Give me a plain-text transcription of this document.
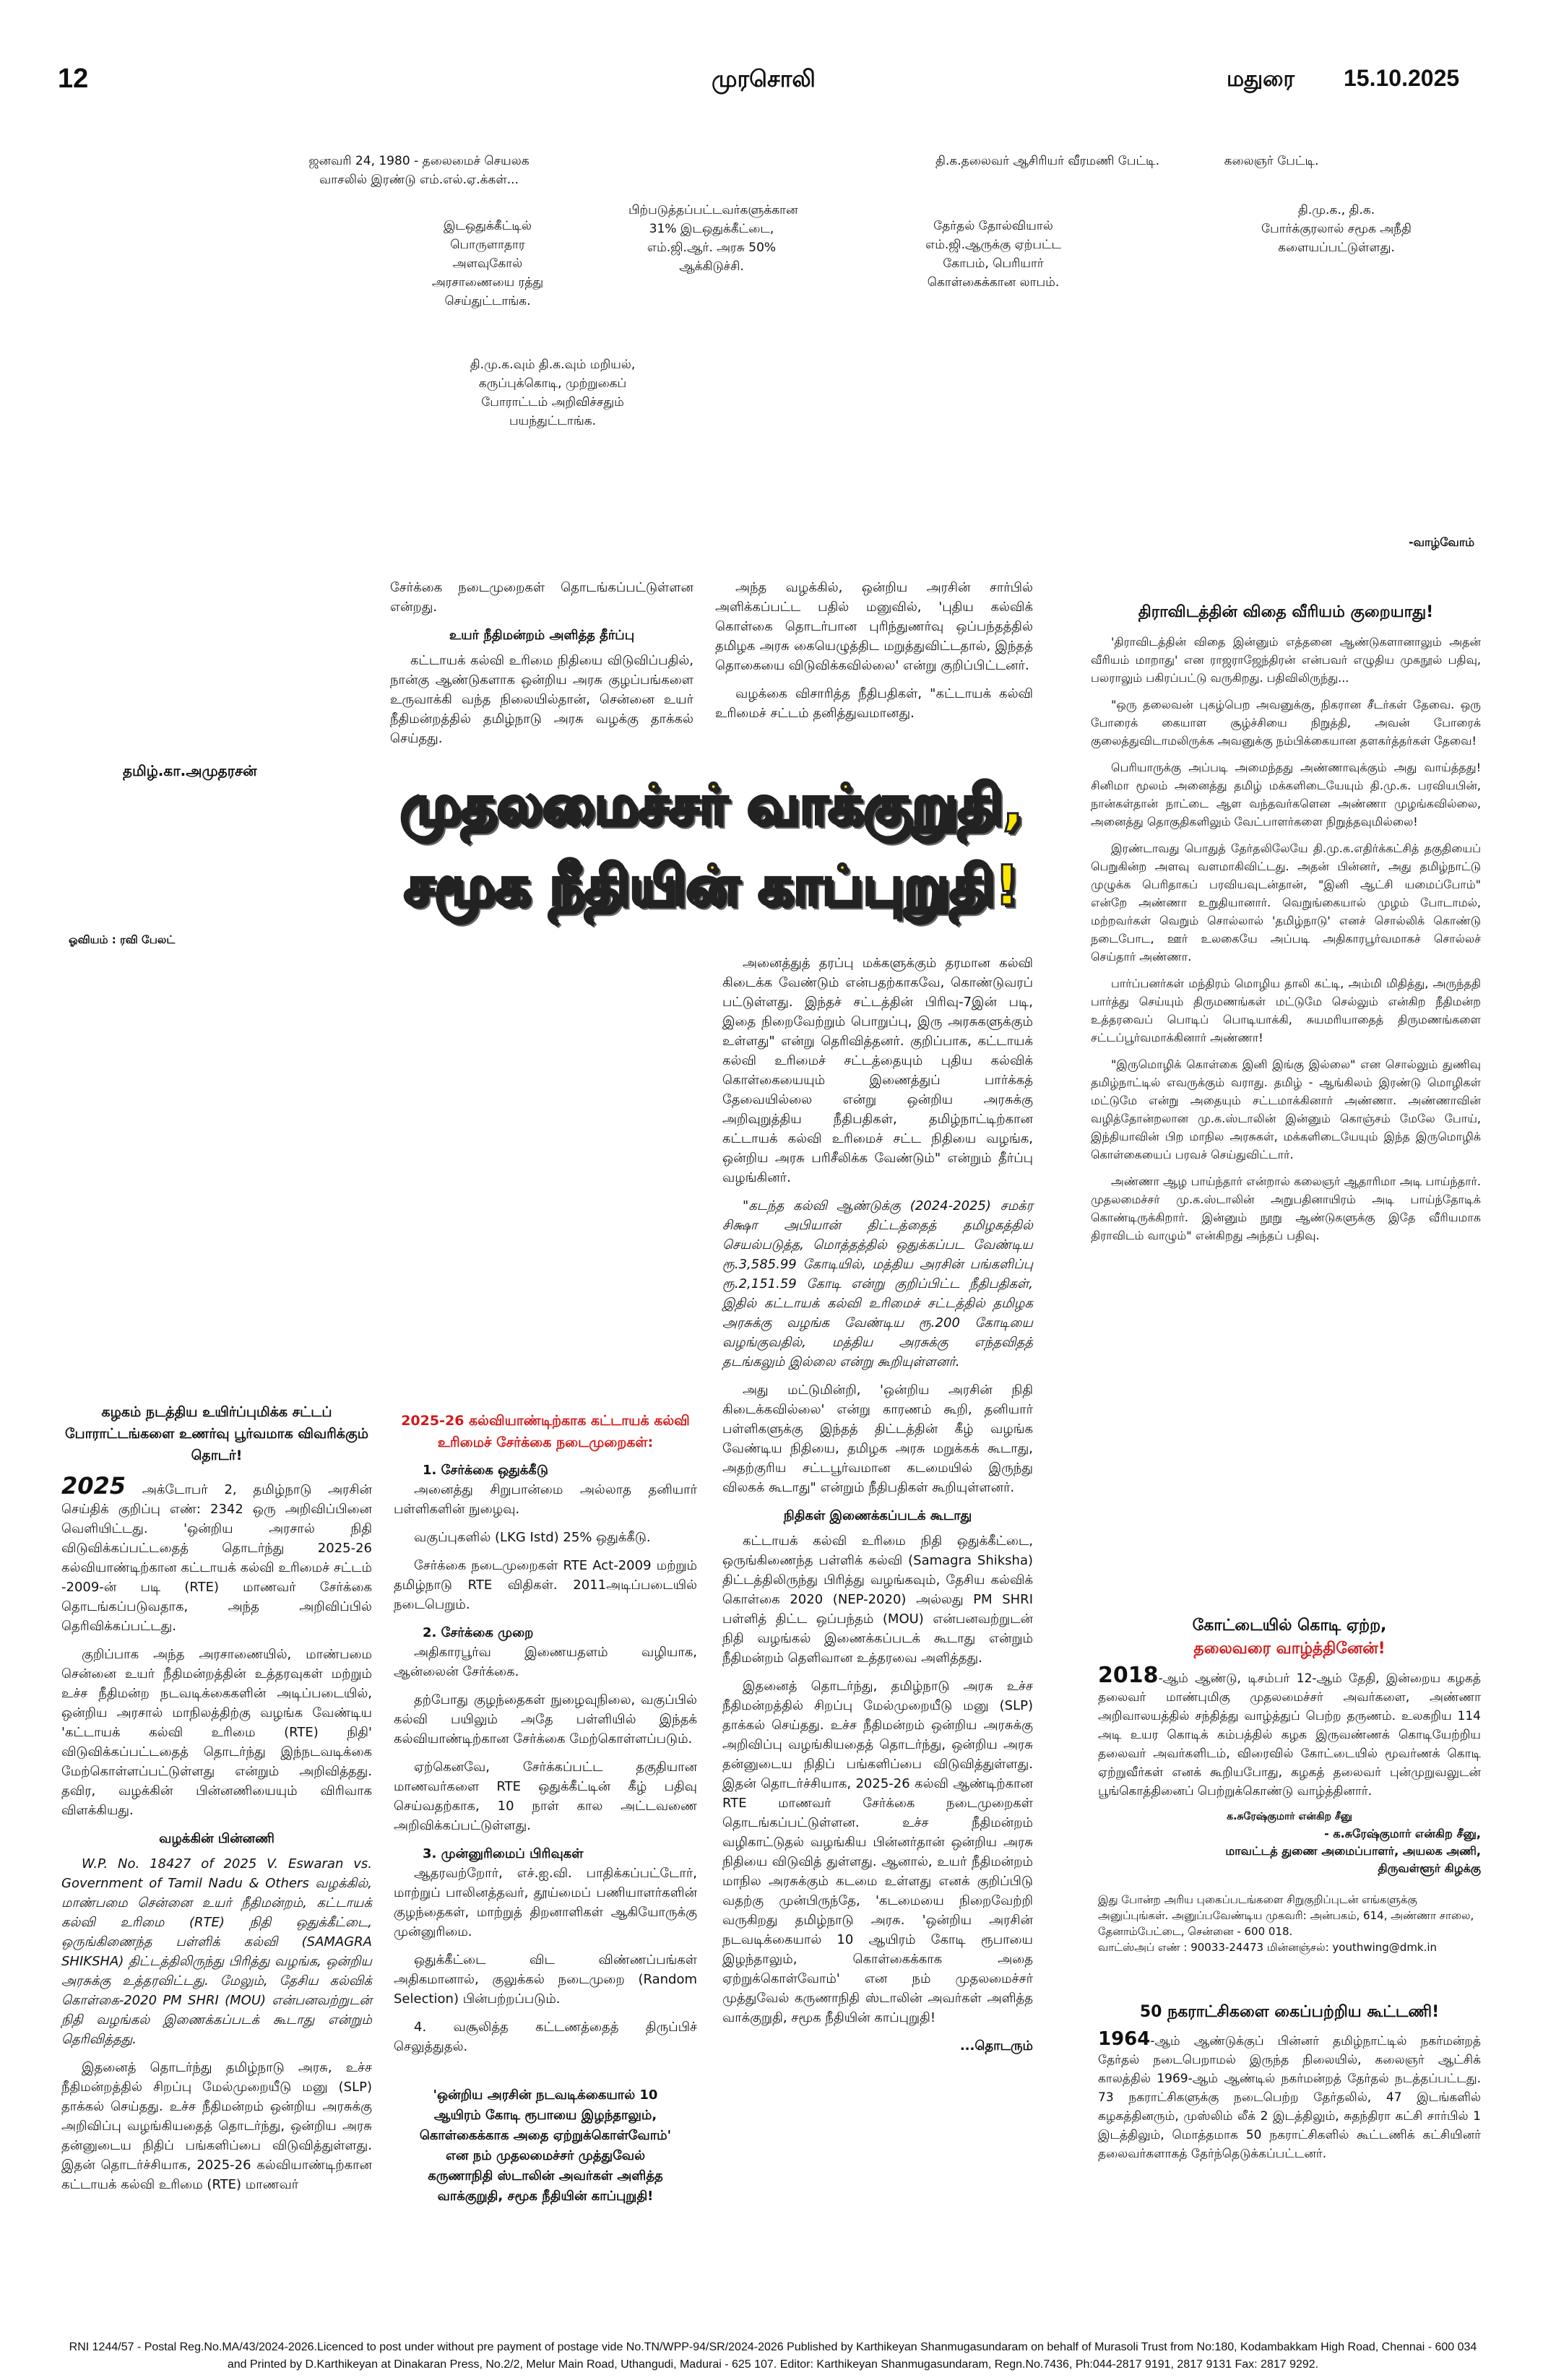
12	முரசொலி	மதுரை 15.10.2025
ஜனவரி 24, 1980 - தலைமைச் செயலக வாசலில் இரண்டு எம்.எல்.ஏ.க்கள்...
இடஒதுக்கீட்டில் பொருளாதார அளவுகோல் அரசாணையை ரத்து செய்துட்டாங்க.
பிற்படுத்தப்பட்டவர்களுக்கான 31% இடஒதுக்கீட்டை, எம்.ஜி.ஆர். அரசு 50% ஆக்கிடுச்சி.
தி.மு.க.வும் தி.க.வும் மறியல், கருப்புக்கொடி, முற்றுகைப் போராட்டம் அறிவிச்சதும் பயந்துட்டாங்க.
தி.க.தலைவர் ஆசிரியர் வீரமணி பேட்டி.
தேர்தல் தோல்வியால் எம்.ஜி.ஆருக்கு ஏற்பட்ட கோபம், பெரியார் கொள்கைக்கான லாபம்.
கலைஞர் பேட்டி.
தி.மு.க., தி.க. போர்க்குரலால் சமூக அநீதி களையப்பட்டுள்ளது.
-வாழ்வோம்

சேர்க்கை நடைமுறைகள் தொடங்கப்பட்டுள்ளன என்றது.

உயர் நீதிமன்றம் அளித்த தீர்ப்பு

கட்டாயக் கல்வி உரிமை நிதியை விடுவிப்பதில், நான்கு ஆண்டுகளாக ஒன்றிய அரசு குழப்பங்களை உருவாக்கி வந்த நிலையில்தான், சென்னை உயர் நீதிமன்றத்தில் தமிழ்நாடு அரசு வழக்கு தாக்கல் செய்தது.

அந்த வழக்கில், ஒன்றிய அரசின் சார்பில் அளிக்கப்பட்ட பதில் மனுவில், 'புதிய கல்விக் கொள்கை தொடர்பான புரிந்துணர்வு ஒப்பந்தத்தில் தமிழக அரசு கையெழுத்திட மறுத்துவிட்டதால், இந்தத் தொகையை விடுவிக்கவில்லை' என்று குறிப்பிட்டனர்.

வழக்கை விசாரித்த நீதிபதிகள், "கட்டாயக் கல்வி உரிமைச் சட்டம் தனித்துவமானது.

தமிழ்.கா.அமுதரசன்
முதலமைச்சர் வாக்குறுதி,
சமூக நீதியின் காப்புறுதி!
ஓவியம் : ரவி பேலட்

அனைத்துத் தரப்பு மக்களுக்கும் தரமான கல்வி கிடைக்க வேண்டும் என்பதற்காகவே, கொண்டுவரப் பட்டுள்ளது. இந்தச் சட்டத்தின் பிரிவு-7இன் படி, இதை நிறைவேற்றும் பொறுப்பு, இரு அரசுகளுக்கும் உள்ளது" என்று தெரிவித்தனர். குறிப்பாக, கட்டாயக் கல்வி உரிமைச் சட்டத்தையும் புதிய கல்விக் கொள்கையையும் இணைத்துப் பார்க்கத் தேவையில்லை என்று ஒன்றிய அரசுக்கு அறிவுறுத்திய நீதிபதிகள், தமிழ்நாட்டிற்கான கட்டாயக் கல்வி உரிமைச் சட்ட நிதியை வழங்க, ஒன்றிய அரசு பரிசீலிக்க வேண்டும்" என்றும் தீர்ப்பு வழங்கினர்.

"கடந்த கல்வி ஆண்டுக்கு (2024-2025) சமக்ர சிக்ஷா அபியான் திட்டத்தைத் தமிழகத்தில் செயல்படுத்த, மொத்தத்தில் ஒதுக்கப்பட வேண்டிய ரூ.3,585.99 கோடியில், மத்திய அரசின் பங்களிப்பு ரூ.2,151.59 கோடி என்று குறிப்பிட்ட நீதிபதிகள், இதில் கட்டாயக் கல்வி உரிமைச் சட்டத்தில் தமிழக அரசுக்கு வழங்க வேண்டிய ரூ.200 கோடியை வழங்குவதில், மத்திய அரசுக்கு எந்தவிதத் தடங்கலும் இல்லை என்று கூறியுள்ளனர்.

அது மட்டுமின்றி, 'ஒன்றிய அரசின் நிதி கிடைக்கவில்லை' என்று காரணம் கூறி, தனியார் பள்ளிகளுக்கு இந்தத் திட்டத்தின் கீழ் வழங்க வேண்டிய நிதியை, தமிழக அரசு மறுக்கக் கூடாது, அதற்குரிய சட்டபூர்வமான கடமையில் இருந்து விலகக் கூடாது" என்றும் நீதிபதிகள் கூறியுள்ளனர்.

நிதிகள் இணைக்கப்படக் கூடாது

கட்டாயக் கல்வி உரிமை நிதி ஒதுக்கீட்டை, ஒருங்கிணைந்த பள்ளிக் கல்வி (Samagra Shiksha) திட்டத்திலிருந்து பிரித்து வழங்கவும், தேசிய கல்விக் கொள்கை 2020 (NEP-2020) அல்லது PM SHRI பள்ளித் திட்ட ஒப்பந்தம் (MOU) என்பனவற்றுடன் நிதி வழங்கல் இணைக்கப்படக் கூடாது என்றும் நீதிமன்றம் தெளிவான உத்தரவை அளித்தது.

இதனைத் தொடர்ந்து, தமிழ்நாடு அரசு உச்ச நீதிமன்றத்தில் சிறப்பு மேல்முறையீடு மனு (SLP) தாக்கல் செய்தது. உச்ச நீதிமன்றம் ஒன்றிய அரசுக்கு அறிவிப்பு வழங்கியதைத் தொடர்ந்து, ஒன்றிய அரசு தன்னுடைய நிதிப் பங்களிப்பை விடுவித்துள்ளது. இதன் தொடர்ச்சியாக, 2025-26 கல்வி ஆண்டிற்கான RTE மாணவர் சேர்க்கை நடைமுறைகள் தொடங்கப்பட்டுள்ளன. உச்ச நீதிமன்றம் வழிகாட்டுதல் வழங்கிய பின்னர்தான் ஒன்றிய அரசு நிதியை விடுவித் துள்ளது. ஆனால், உயர் நீதிமன்றம் மாநில அரசுக்கும் கடமை உள்ளது எனக் குறிப்பிடு வதற்கு முன்பிருந்தே, 'கடமையை நிறைவேற்றி வருகிறது தமிழ்நாடு அரசு. 'ஒன்றிய அரசின் நடவடிக்கையால் 10 ஆயிரம் கோடி ரூபாயை இழந்தாலும், கொள்கைக்காக அதை ஏற்றுக்கொள்வோம்' என நம் முதலமைச்சர் முத்துவேல் கருணாநிதி ஸ்டாலின் அவர்கள் அளித்த வாக்குறுதி, சமூக நீதியின் காப்புறுதி!

...தொடரும்
கழகம் நடத்திய உயிர்ப்புமிக்க சட்டப் போராட்டங்களை உணர்வு பூர்வமாக விவரிக்கும் தொடர்!

2025 அக்டோபர் 2, தமிழ்நாடு அரசின் செய்திக் குறிப்பு எண்: 2342 ஒரு அறிவிப்பினை வெளியிட்டது. 'ஒன்றிய அரசால் நிதி விடுவிக்கப்பட்டதைத் தொடர்ந்து 2025-26 கல்வியாண்டிற்கான கட்டாயக் கல்வி உரிமைச் சட்டம் -2009-ன் படி (RTE) மாணவர் சேர்க்கை தொடங்கப்படுவதாக, அந்த அறிவிப்பில் தெரிவிக்கப்பட்டது.

குறிப்பாக அந்த அரசாணையில், மாண்பமை சென்னை உயர் நீதிமன்றத்தின் உத்தரவுகள் மற்றும் உச்ச நீதிமன்ற நடவடிக்கைகளின் அடிப்படையில், ஒன்றிய அரசால் மாநிலத்திற்கு வழங்க வேண்டிய 'கட்டாயக் கல்வி உரிமை (RTE) நிதி' விடுவிக்கப்பட்டதைத் தொடர்ந்து இந்நடவடிக்கை மேற்கொள்ளப்பட்டுள்ளது என்றும் அறிவித்தது. தவிர, வழக்கின் பின்னணியையும் விரிவாக விளக்கியது.

வழக்கின் பின்னணி

W.P. No. 18427 of 2025 V. Eswaran vs. Government of Tamil Nadu & Others வழக்கில், மாண்பமை சென்னை உயர் நீதிமன்றம், கட்டாயக் கல்வி உரிமை (RTE) நிதி ஒதுக்கீட்டை, ஒருங்கிணைந்த பள்ளிக் கல்வி (SAMAGRA SHIKSHA) திட்டத்திலிருந்து பிரித்து வழங்க, ஒன்றிய அரசுக்கு உத்தரவிட்டது. மேலும், தேசிய கல்விக் கொள்கை-2020 PM SHRI (MOU) என்பனவற்றுடன் நிதி வழங்கல் இணைக்கப்படக் கூடாது என்றும் தெரிவித்தது.

இதனைத் தொடர்ந்து தமிழ்நாடு அரசு, உச்ச நீதிமன்றத்தில் சிறப்பு மேல்முறையீடு மனு (SLP) தாக்கல் செய்தது. உச்ச நீதிமன்றம் ஒன்றிய அரசுக்கு அறிவிப்பு வழங்கியதைத் தொடர்ந்து, ஒன்றிய அரசு தன்னுடைய நிதிப் பங்களிப்பை விடுவித்துள்ளது. இதன் தொடர்ச்சியாக, 2025-26 கல்வியாண்டிற்கான கட்டாயக் கல்வி உரிமை (RTE) மாணவர்

2025-26 கல்வியாண்டிற்காக கட்டாயக் கல்வி உரிமைச் சேர்க்கை நடைமுறைகள்:
1. சேர்க்கை ஒதுக்கீடு

அனைத்து சிறுபான்மை அல்லாத தனியார் பள்ளிகளின் நுழைவு.

வகுப்புகளில் (LKG Istd) 25% ஒதுக்கீடு.

சேர்க்கை நடைமுறைகள் RTE Act-2009 மற்றும் தமிழ்நாடு RTE விதிகள். 2011அடிப்படையில் நடைபெறும்.

2. சேர்க்கை முறை

அதிகாரபூர்வ இணையதளம் வழியாக, ஆன்லைன் சேர்க்கை.

தற்போது குழந்தைகள் நுழைவுநிலை, வகுப்பில் கல்வி பயிலும் அதே பள்ளியில் இந்தக் கல்வியாண்டிற்கான சேர்க்கை மேற்கொள்ளப்படும்.

ஏற்கெனவே, சேர்க்கப்பட்ட தகுதியான மாணவர்களை RTE ஒதுக்கீட்டின் கீழ் பதிவு செய்வதற்காக, 10 நாள் கால அட்டவணை அறிவிக்கப்பட்டுள்ளது.

3. முன்னுரிமைப் பிரிவுகள்

ஆதரவற்றோர், எச்.ஐ.வி. பாதிக்கப்பட்டோர், மாற்றுப் பாலினத்தவர், தூய்மைப் பணியாளர்களின் குழந்தைகள், மாற்றுத் திறனாளிகள் ஆகியோருக்கு முன்னுரிமை.

ஒதுக்கீட்டை விட விண்ணப்பங்கள் அதிகமானால், குலுக்கல் நடைமுறை (Random Selection) பின்பற்றப்படும்.

4. வசூலித்த கட்டணத்தைத் திருப்பிச் செலுத்துதல்.

'ஒன்றிய அரசின் நடவடிக்கையால் 10 ஆயிரம் கோடி ரூபாயை இழந்தாலும், கொள்கைக்காக அதை ஏற்றுக்கொள்வோம்' என நம் முதலமைச்சர் முத்துவேல் கருணாநிதி ஸ்டாலின் அவர்கள் அளித்த வாக்குறுதி, சமூக நீதியின் காப்புறுதி!
திராவிடத்தின் விதை வீரியம் குறையாது!

'திராவிடத்தின் விதை இன்னும் எத்தனை ஆண்டுகளானாலும் அதன் வீரியம் மாறாது' என ராஜராஜேந்திரன் என்பவர் எழுதிய முகநூல் பதிவு, பலராலும் பகிரப்பட்டு வருகிறது. பதிவிலிருந்து...

"ஒரு தலைவன் புகழ்பெற அவனுக்கு, நிகரான சீடர்கள் தேவை. ஒரு போரைக் கையாள சூழ்ச்சியை நிறுத்தி, அவன் போரைக் குலைத்துவிடாமலிருக்க அவனுக்கு நம்பிக்கையான தளகர்த்தர்கள் தேவை!

பெரியாருக்கு அப்படி அமைந்தது அண்ணாவுக்கும் அது வாய்த்தது! சினிமா மூலம் அனைத்து தமிழ் மக்களிடையேயும் தி.மு.க. பரவியபின், நான்கள்தான் நாட்டை ஆள வந்தவர்களென அண்ணா முழங்கவில்லை, அனைத்து தொகுதிகளிலும் வேட்பாளர்களை நிறுத்தவுமில்லை!

இரண்டாவது பொதுத் தேர்தலிலேயே தி.மு.க.எதிர்க்கட்சித் தகுதியைப் பெறுகின்ற அளவு வளமாகிவிட்டது. அதன் பின்னர், அது தமிழ்நாட்டு முழுக்க பெரிதாகப் பரவியவுடன்தான், "இனி ஆட்சி யமைப்போம்" என்றே அண்ணா உறுதியானார். வெறுங்கையால் முழம் போடாமல், மற்றவர்கள் வெறும் சொல்லால் 'தமிழ்நாடு' எனச் சொல்லிக் கொண்டு நடைபோட, ஊர் உலகையே அப்படி அதிகாரபூர்வமாகச் சொல்லச் செய்தார் அண்ணா.

பார்ப்பனர்கள் மந்திரம் மொழிய தாலி கட்டி, அம்மி மிதித்து, அருந்ததி பார்த்து செய்யும் திருமணங்கள் மட்டுமே செல்லும் என்கிற நீதிமன்ற உத்தரவைப் பொடிப் பொடியாக்கி, சுயமரியாதைத் திருமணங்களை சட்டப்பூர்வமாக்கினார் அண்ணா!

"இருமொழிக் கொள்கை இனி இங்கு இல்லை" என சொல்லும் துணிவு தமிழ்நாட்டில் எவருக்கும் வராது. தமிழ் - ஆங்கிலம் இரண்டு மொழிகள் மட்டுமே என்று அதையும் சட்டமாக்கினார் அண்ணா. அண்ணாவின் வழித்தோன்றலான மு.க.ஸ்டாலின் இன்னும் கொஞ்சம் மேலே போய், இந்தியாவின் பிற மாநில அரசுகள், மக்களிடையேயும் இந்த இருமொழிக் கொள்கையைப் பரவச் செய்துவிட்டார்.

அண்ணா ஆழ பாய்ந்தார் என்றால் கலைஞர் ஆதாரிமா அடி பாய்ந்தார். முதலமைச்சர் மு.க.ஸ்டாலின் அறுபதினாயிரம் அடி பாய்ந்தோடிக் கொண்டிருக்கிறார். இன்னும் நூறு ஆண்டுகளுக்கு இதே வீரியமாக திராவிடம் வாழும்" என்கிறது அந்தப் பதிவு.

கோட்டையில் கொடி ஏற்ற,
தலைவரை வாழ்த்தினேன்!

2018-ஆம் ஆண்டு, டிசம்பர் 12-ஆம் தேதி, இன்றைய கழகத் தலைவர் மாண்புமிகு முதலமைச்சர் அவர்களை, அண்ணா அறிவாலயத்தில் சந்தித்து வாழ்த்துப் பெற்ற தருணம். உலகறிய 114 அடி உயர கொடிக் கம்பத்தில் கழக இருவண்ணக் கொடியேற்றிய தலைவர் அவர்களிடம், விரைவில் கோட்டையில் மூவர்ணக் கொடி ஏற்றுவீர்கள் எனக் கூறியபோது, கழகத் தலைவர் புன்முறுவலுடன் பூங்கொத்தினைப் பெற்றுக்கொண்டு வாழ்த்தினார்.

க.சுரேஷ்குமார் என்கிற சீனு
- க.சுரேஷ்குமார் என்கிற சீனு,
மாவட்டத் துணை அமைப்பாளர், அயலக அணி,
திருவள்ளூர் கிழக்கு
இது போன்ற அரிய புகைப்படங்களை சிறுகுறிப்புடன் எங்களுக்கு அனுப்புங்கள். அனுப்பவேண்டிய முகவரி: அன்பகம், 614, அண்ணா சாலை, தேனாம்பேட்டை, சென்னை - 600 018.
வாட்ஸ்அப் எண் : 90033-24473 மின்னஞ்சல்: youthwing@dmk.in
50 நகராட்சிகளை கைப்பற்றிய கூட்டணி!

1964-ஆம் ஆண்டுக்குப் பின்னர் தமிழ்நாட்டில் நகர்மன்றத் தேர்தல் நடைபெறாமல் இருந்த நிலையில், கலைஞர் ஆட்சிக் காலத்தில் 1969-ஆம் ஆண்டில் நகர்மன்றத் தேர்தல் நடத்தப்பட்டது. 73 நகராட்சிகளுக்கு நடைபெற்ற தேர்தலில், 47 இடங்களில் கழகத்தினரும், முஸ்லிம் லீக் 2 இடத்திலும், சுதந்திரா கட்சி சார்பில் 1 இடத்திலும், மொத்தமாக 50 நகராட்சிகளில் கூட்டணிக் கட்சியினர் தலைவர்களாகத் தேர்ந்தெடுக்கப்பட்டனர்.

RNI 1244/57 - Postal Reg.No.MA/43/2024-2026.Licenced to post under without pre payment of postage vide No.TN/WPP-94/SR/2024-2026 Published by Karthikeyan Shanmugasundaram on behalf of Murasoli Trust from No:180, Kodambakkam High Road, Chennai - 600 034
and Printed by D.Karthikeyan at Dinakaran Press, No.2/2, Melur Main Road, Uthangudi, Madurai - 625 107. Editor: Karthikeyan Shanmugasundaram, Regn.No.7436, Ph:044-2817 9191, 2817 9131 Fax: 2817 9292.
